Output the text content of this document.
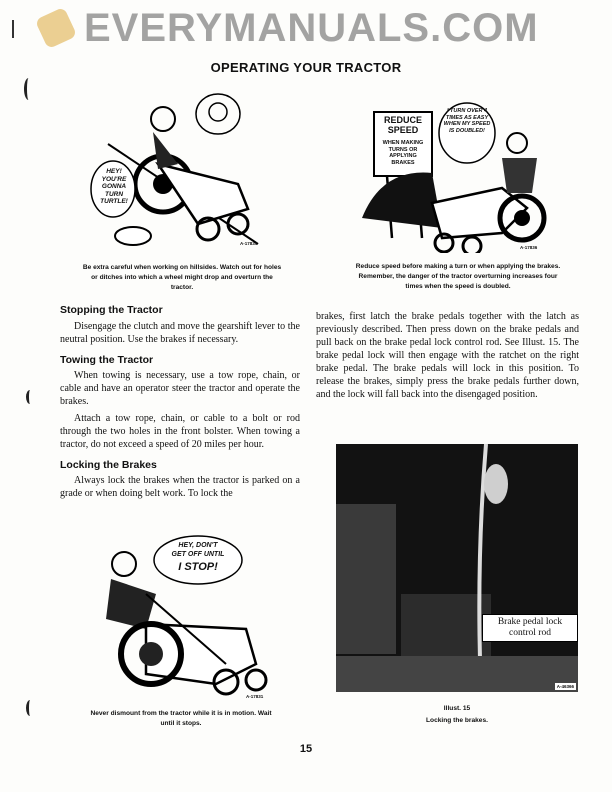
EVERYMANUALS.COM
OPERATING YOUR TRACTOR
HEY! YOU'RE GONNA TURN TURTLE!
A-17834
Be extra careful when working on hillsides. Watch out for holes or ditches into which a wheel might drop and overturn the tractor.
REDUCE SPEED
WHEN MAKING TURNS OR APPLYING BRAKES
I TURN OVER 4 TIMES AS EASY WHEN MY SPEED IS DOUBLED!
A-17836
Reduce speed before making a turn or when applying the brakes. Remember, the danger of the tractor overturning increases four times when the speed is doubled.
Stopping the Tractor

Disengage the clutch and move the gearshift lever to the neutral position. Use the brakes if necessary.

Towing the Tractor

When towing is necessary, use a tow rope, chain, or cable and have an operator steer the tractor and operate the brakes.

Attach a tow rope, chain, or cable to a bolt or rod through the two holes in the front bolster. When towing a tractor, do not exceed a speed of 20 miles per hour.

Locking the Brakes

Always lock the brakes when the tractor is parked on a grade or when doing belt work. To lock the

brakes, first latch the brake pedals together with the latch as previously described. Then press down on the brake pedals and pull back on the brake pedal lock control rod. See Illust. 15. The brake pedal lock will then engage with the ratchet on the right brake pedal. The brake pedals will lock in this position. To release the brakes, simply press the brake pedals further down, and the lock will fall back into the disengaged position.

HEY, DON'T
GET OFF UNTIL
I STOP!
A-17831
Never dismount from the tractor while it is in motion. Wait until it stops.
Brake pedal lock control rod
A-46366
Illust. 15
Locking the brakes.
15
